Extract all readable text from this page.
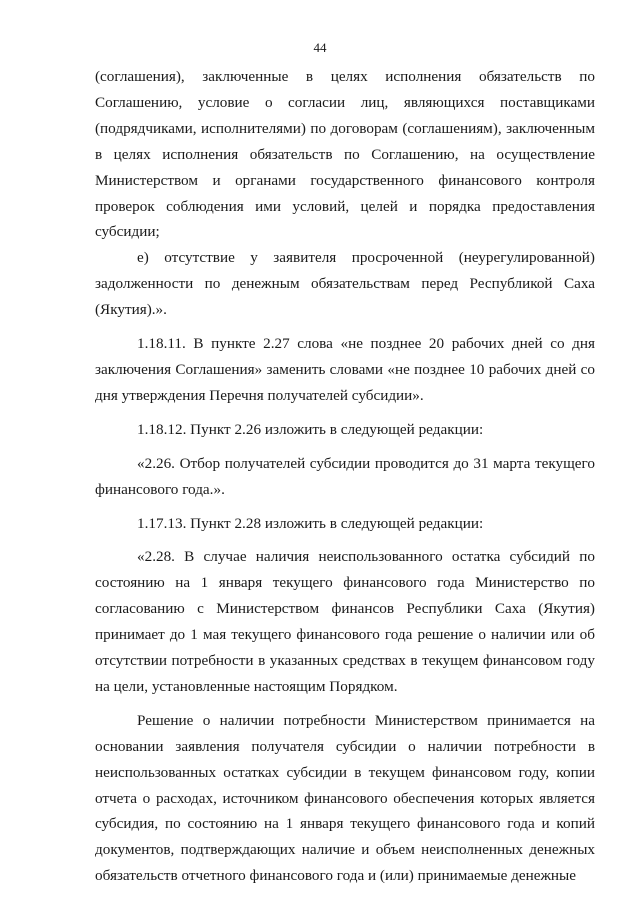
44

(соглашения), заключенные в целях исполнения обязательств по Соглашению, условие о согласии лиц, являющихся поставщиками (подрядчиками, исполнителями) по договорам (соглашениям), заключенным в целях исполнения обязательств по Соглашению, на осуществление Министерством и органами государственного финансового контроля проверок соблюдения ими условий, целей и порядка предоставления субсидии;

е) отсутствие у заявителя просроченной (неурегулированной) задолженности по денежным обязательствам перед Республикой Саха (Якутия).».

1.18.11. В пункте 2.27 слова «не позднее 20 рабочих дней со дня заключения Соглашения» заменить словами «не позднее 10 рабочих дней со дня утверждения Перечня получателей субсидии».

1.18.12. Пункт 2.26 изложить в следующей редакции:

«2.26. Отбор получателей субсидии проводится до 31 марта текущего финансового года.».

1.17.13. Пункт 2.28 изложить в следующей редакции:

«2.28. В случае наличия неиспользованного остатка субсидий по состоянию на 1 января текущего финансового года Министерство по согласованию с Министерством финансов Республики Саха (Якутия) принимает до 1 мая текущего финансового года решение о наличии или об отсутствии потребности в указанных средствах в текущем финансовом году на цели, установленные настоящим Порядком.

Решение о наличии потребности Министерством принимается на основании заявления получателя субсидии о наличии потребности в неиспользованных остатках субсидии в текущем финансовом году, копии отчета о расходах, источником финансового обеспечения которых является субсидия, по состоянию на 1 января текущего финансового года и копий документов, подтверждающих наличие и объем неисполненных денежных обязательств отчетного финансового года и (или) принимаемые денежные
